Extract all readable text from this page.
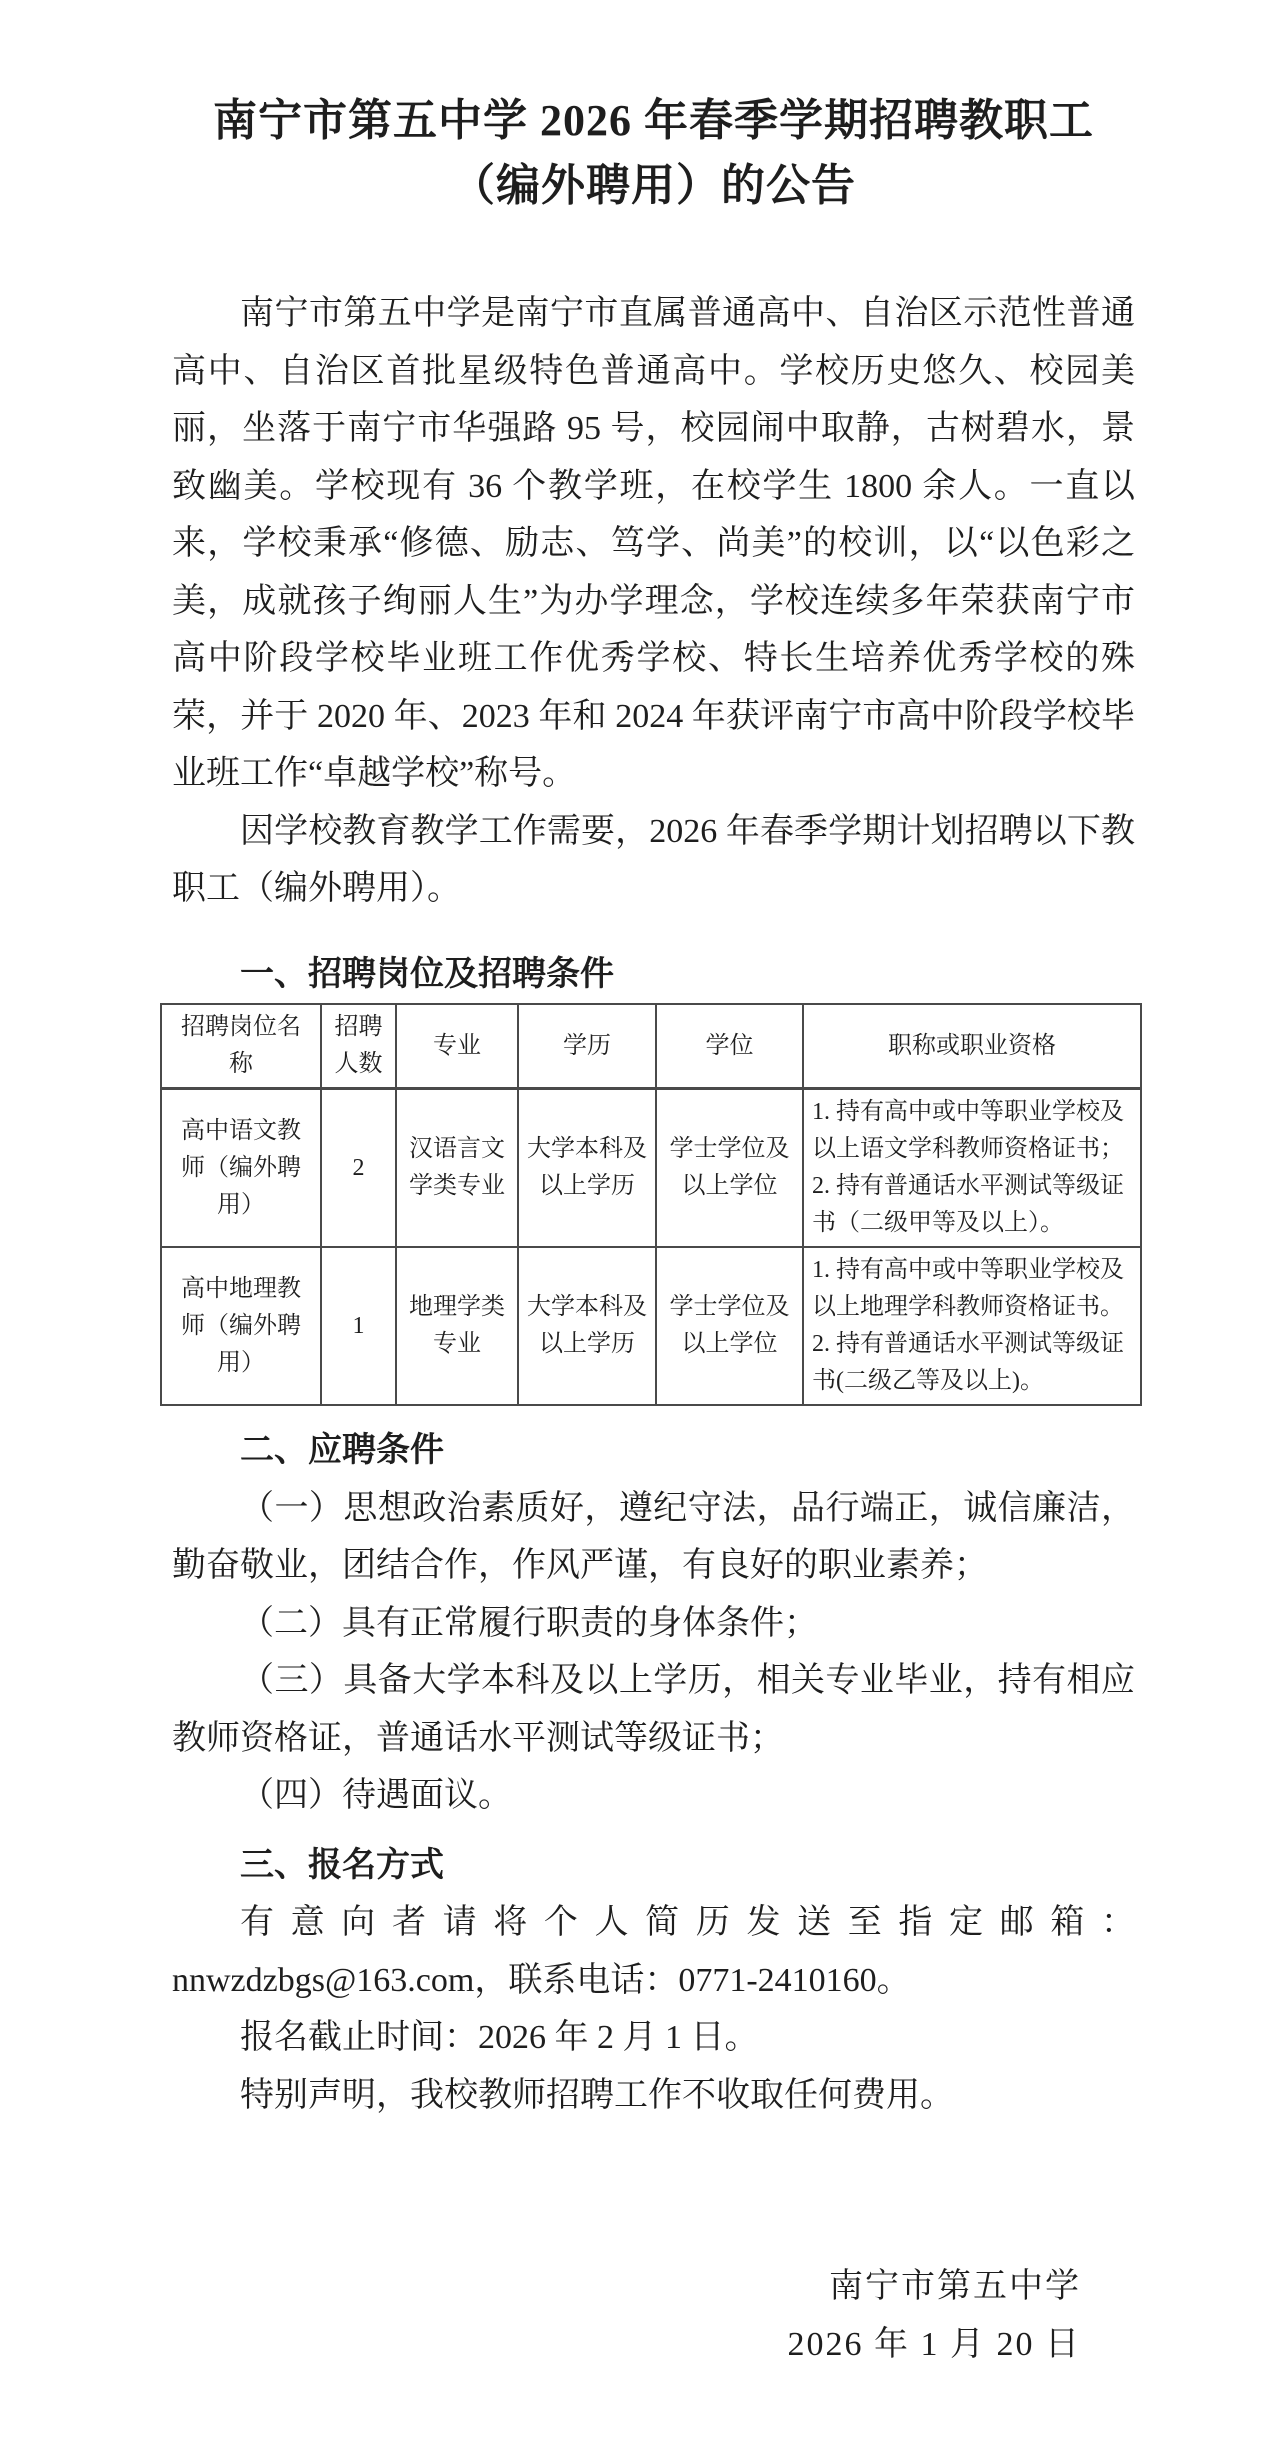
南宁市第五中学 2026 年春季学期招聘教职工
（编外聘用）的公告

南宁市第五中学是南宁市直属普通高中、自治区示范性普通高中、自治区首批星级特色普通高中。学校历史悠久、校园美丽，坐落于南宁市华强路 95 号，校园闹中取静，古树碧水，景致幽美。学校现有 36 个教学班，在校学生 1800 余人。一直以来，学校秉承“修德、励志、笃学、尚美”的校训，以“以色彩之美，成就孩子绚丽人生”为办学理念，学校连续多年荣获南宁市高中阶段学校毕业班工作优秀学校、特长生培养优秀学校的殊荣，并于 2020 年、2023 年和 2024 年获评南宁市高中阶段学校毕业班工作“卓越学校”称号。

因学校教育教学工作需要，2026 年春季学期计划招聘以下教职工（编外聘用）。

一、招聘岗位及招聘条件
招聘岗位名称	招聘人数	专业	学历	学位	职称或职业资格
高中语文教师（编外聘用）	2	汉语言文学类专业	大学本科及以上学历	学士学位及以上学位	1. 持有高中或中等职业学校及以上语文学科教师资格证书；
2. 持有普通话水平测试等级证书（二级甲等及以上）。

高中地理教师（编外聘用）	1	地理学类专业	大学本科及以上学历	学士学位及以上学位	1. 持有高中或中等职业学校及以上地理学科教师资格证书。
2. 持有普通话水平测试等级证书(二级乙等及以上)。
二、应聘条件

（一）思想政治素质好，遵纪守法，品行端正，诚信廉洁，勤奋敬业，团结合作，作风严谨，有良好的职业素养；

（二）具有正常履行职责的身体条件；

（三）具备大学本科及以上学历，相关专业毕业，持有相应教师资格证，普通话水平测试等级证书；

（四）待遇面议。

三、报名方式

有意向者请将个人简历发送至指定邮箱：

nnwzdzbgs@163.com，联系电话：0771-2410160。

报名截止时间：2026 年 2 月 1 日。

特别声明，我校教师招聘工作不收取任何费用。

南宁市第五中学
2026 年 1 月 20 日
